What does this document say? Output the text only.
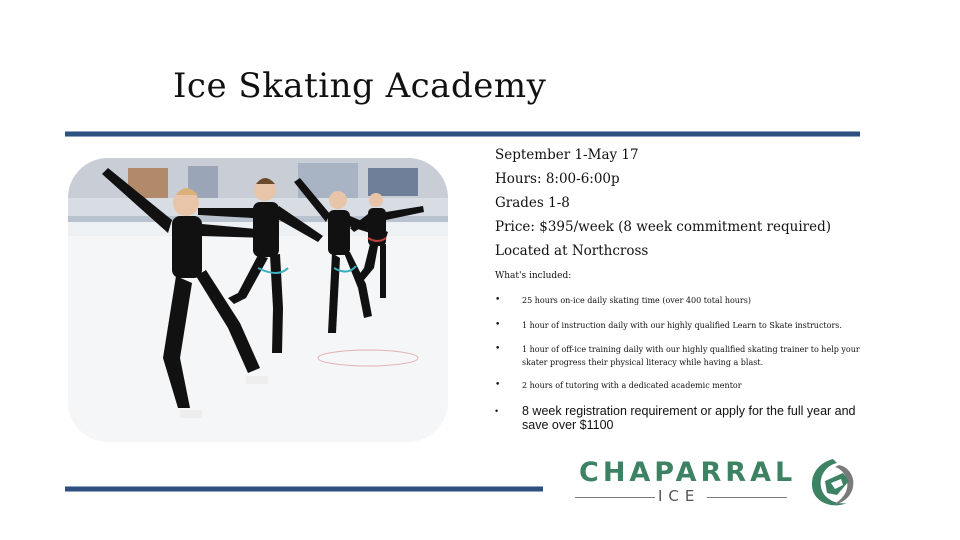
Ice Skating Academy
September 1-May 17
Hours: 8:00-6:00p
Grades 1-8
Price: $395/week (8 week commitment required)
Located at Northcross
What's included:
•	25 hours on-ice daily skating time (over 400 total hours)
•	1 hour of instruction daily with our highly qualified Learn to Skate instructors.
•	1 hour of off-ice training daily with our highly qualified skating trainer to help your skater progress their physical literacy while having a blast.
•	2 hours of tutoring with a dedicated academic mentor
• 8 week registration requirement or apply for the full year and save over $1100
CHAPARRAL
ICE
